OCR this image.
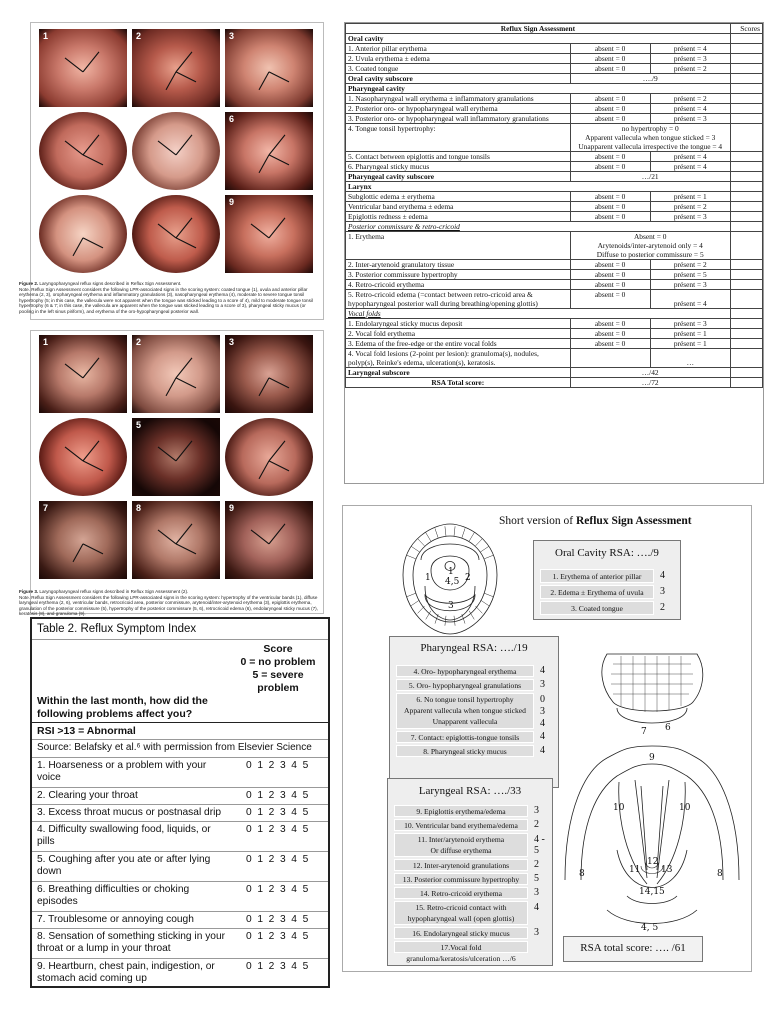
1	2	3
4	5	6
7	8	9
Figure 2. Laryngopharyngeal reflux signs described in Reflux Sign Assessment.
Note. Reflux Sign Assessment considers the following LPR-associated signs in the scoring system: coated tongue (1), uvula and anterior pillar erythema (2, 3), oropharyngeal erythema and inflammatory granulations (3), nasopharyngeal erythema (4), moderate to severe tongue tonsil hypertrophy (5; in this case, the vallecula were not apparent when the tongue was sticked leading to a score of 4), mild to moderate tongue tonsil hypertrophy (6 & 7; in this case, the vallecula are apparent when the tongue was sticked leading to a score of 3), pharyngeal sticky mucus (or pooling in the left sinus piriform), and erythema of the oro-hypopharyngeal posterior wall.
1	2	3
4	5	6
7	8	9
Figure 3. Laryngopharyngeal reflux signs described in Reflux Sign Assessment (2).
Note. Reflux Sign Assessment considers the following LPR-associated signs in the scoring system: hypertrophy of the ventricular bands (1), diffuse laryngeal erythema (2, 6), ventricular bands, retrocricoid area, posterior commissure, arytenoid/inter-arytenoid erythema (3), epiglottis erythema, granulation of the posterior commissure (5), hypertrophy of the posterior commissure (5, 6), retrocricoid edema (6), endolaryngeal sticky mucus (7), keratosis (8), and granuloma (9).
Reflux Sign Assessment			Scores
Oral cavity			
1. Anterior pillar erythema	absent = 0	présent = 4	
2. Uvula erythema ± edema	absent = 0	présent = 3	
3. Coated tongue	absent = 0	présent = 2	
Oral cavity subscore	…./9		
Pharyngeal cavity			
1. Nasopharyngeal wall erythema ± inflammatory granulations	absent = 0	présent = 2	
2. Posterior oro- or hypopharyngeal wall erythema	absent = 0	présent = 4	
3. Posterior oro- or hypopharyngeal wall inflammatory granulations	absent = 0	présent = 3	
4. Tongue tonsil hypertrophy:	no hypertrophy = 0
Apparent vallecula when tongue sticked = 3
Unapparent vallecula irrespective the tongue = 4		

5. Contact between epiglottis and tongue tonsils	absent = 0	présent = 4	
6. Pharyngeal sticky mucus	absent = 0	présent = 4	
Pharyngeal cavity subscore	…/21		
Larynx			
Subglottic edema ± erythema	absent = 0	présent = 1	
Ventricular band erythema ± edema	absent = 0	présent = 2	
Epiglottis redness ± edema	absent = 0	présent = 3	
Posterior commissure & retro-cricoid			
1. Erythema	Absent = 0
Arytenoids/inter-arytenoid only = 4
Diffuse to posterior commissure = 5		

2. Inter-arytenoid granulatory tissue	absent = 0	présent = 2	
3. Posterior commissure hypertrophy	absent = 0	présent = 5	
4. Retro-cricoid erythema	absent = 0	présent = 3	

5. Retro-cricoid edema (=contact between retro-cricoid area &
hypopharyngeal posterior wall during breathing/opening glottis)	absent = 0	présent = 4	
Vocal folds			
1. Endolaryngeal sticky mucus deposit	absent = 0	présent = 3	
2. Vocal fold erythema	absent = 0	présent = 1	
3. Edema of the free-edge or the entire vocal folds	absent = 0	présent = 1	

4. Vocal fold lesions (2-point per lesion): granuloma(s), nodules,
polyp(s), Reinke's edema, ulceration(s), keratosis.		…	
Laryngeal subscore	…/42		
RSA Total score:	…/72		
Table 2. Reflux Symptom Index
Score
0 = no problem
5 = severe
problem
Within the last month, how did the
following problems affect you?
RSI >13 = Abnormal
Source: Belafsky et al.⁶ with permission from Elsevier Science
1. Hoarseness or a problem with your
voice
0  1  2  3  4  5
2. Clearing your throat	0  1  2  3  4  5
3. Excess throat mucus or postnasal drip 0  1  2  3  4  5
4. Difficulty swallowing food, liquids, or
pills
0  1  2  3  4  5
5. Coughing after you ate or after lying
down
0  1  2  3  4  5
6. Breathing difficulties or choking
episodes
0  1  2  3  4  5
7. Troublesome or annoying cough	0  1  2  3  4  5
8. Sensation of something sticking in your
throat or a lump in your throat
0  1  2  3  4  5
9. Heartburn, chest pain, indigestion, or
stomach acid coming up
0  1  2  3  4  5
Short version of Reflux Sign Assessment
1
4,5
3
1	2
7 6
9
10	10
11
12
13
8	8
14,15
4, 5
Oral Cavity RSA: …./9
1. Erythema of anterior pillar	4
2. Edema ± Erythema of uvula	3
3. Coated tongue	2
Pharyngeal RSA: …./19
4. Oro- hypopharyngeal erythema	4
5. Oro- hypopharyngeal granulations	3
6. No tongue tonsil hypertrophy
Apparent vallecula when tongue sticked
Unapparent vallecula
0
3
4
7. Contact: epiglottis-tongue tonsils	4
8. Pharyngeal sticky mucus	4
Laryngeal RSA: …./33
9. Epiglottis erythema/edema	3
10. Ventricular band erythema/edema	2
11. Inter/arytenoid erythema
Or diffuse erythema
4 - 5
12. Inter-arytenoid granulations	2
13. Posterior commissure hypertrophy	5
14. Retro-cricoid erythema	3
15. Retro-cricoid contact with
hypopharyngeal wall (open glottis)
4
16. Endolaryngeal sticky mucus	3
17.Vocal fold granuloma/keratosis/ulceration …/6
RSA total score: …. /61
